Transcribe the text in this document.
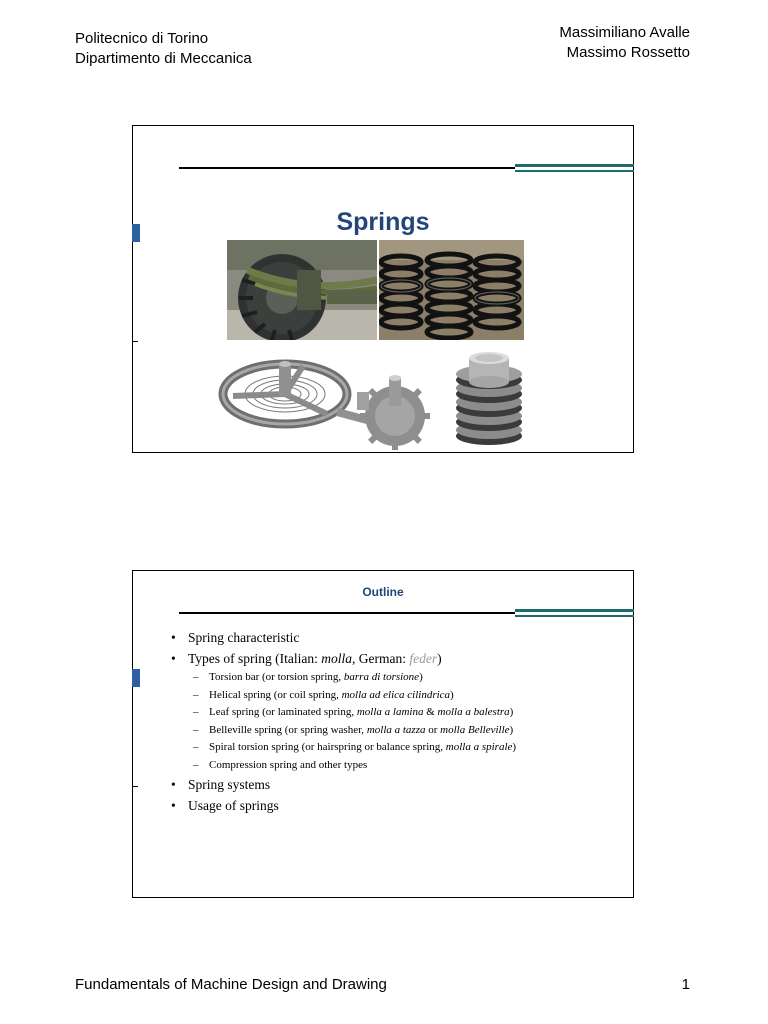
Politecnico di Torino
Dipartimento di Meccanica
Massimiliano Avalle
Massimo Rossetto
Springs
Outline
• Spring characteristic
• Types of spring (Italian: molla, German: feder)
– Torsion bar (or torsion spring, barra di torsione)
– Helical spring (or coil spring, molla ad elica cilindrica)
– Leaf spring (or laminated spring, molla a lamina & molla a balestra)
– Belleville spring (or spring washer, molla a tazza or molla Belleville)
– Spiral torsion spring (or hairspring or balance spring, molla a spirale)
– Compression spring and other types
• Spring systems
• Usage of springs
Fundamentals of Machine Design and Drawing	1
